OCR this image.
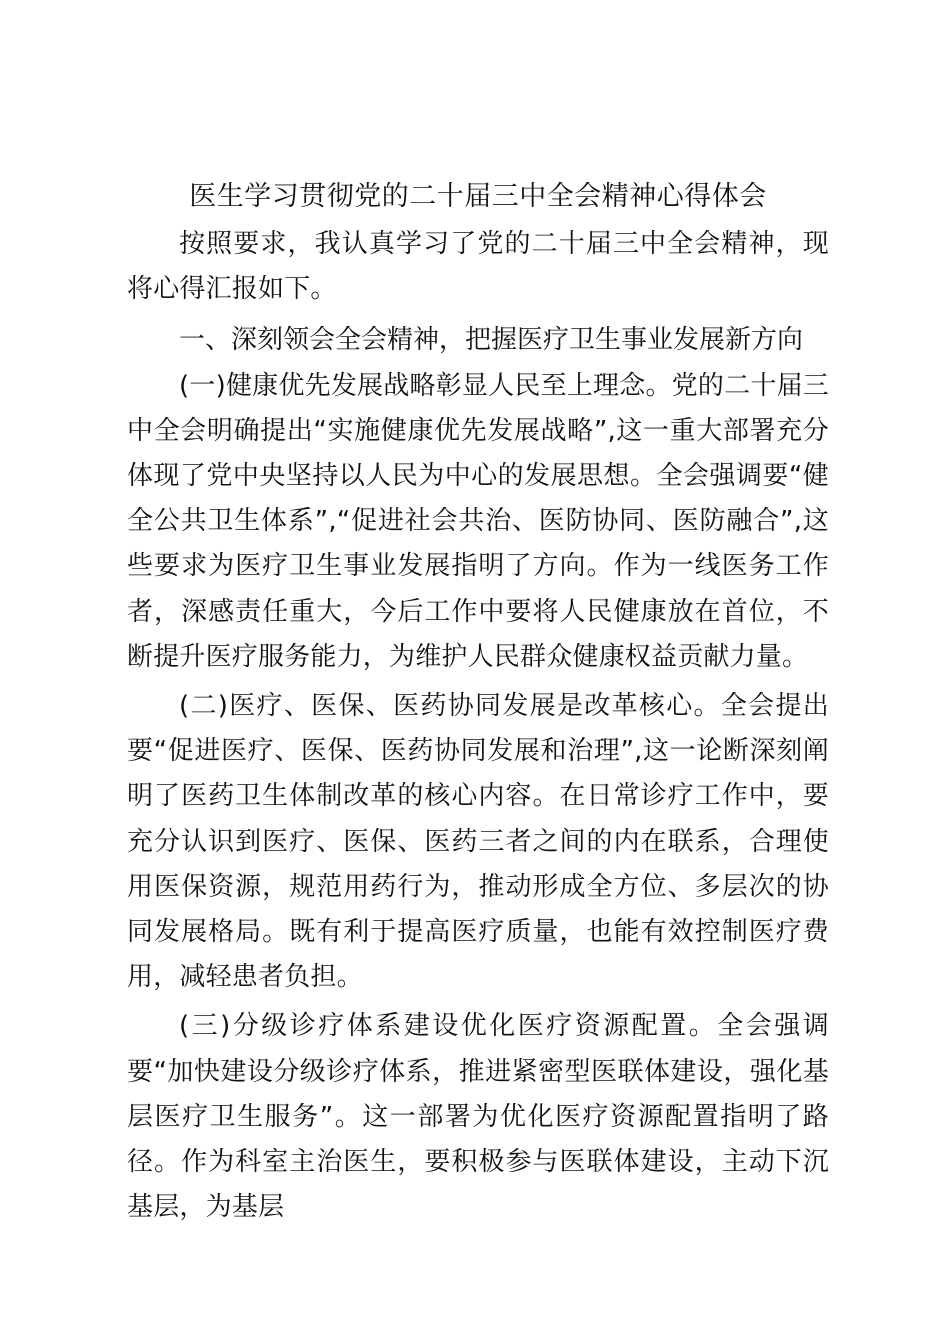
医生学习贯彻党的二十届三中全会精神心得体会

按照要求，我认真学习了党的二十届三中全会精神，现将心得汇报如下。

一、深刻领会全会精神，把握医疗卫生事业发展新方向

(一)健康优先发展战略彰显人民至上理念。党的二十届三中全会明确提出“实施健康优先发展战略”,这一重大部署充分体现了党中央坚持以人民为中心的发展思想。全会强调要“健全公共卫生体系”,“促进社会共治、医防协同、医防融合”,这些要求为医疗卫生事业发展指明了方向。作为一线医务工作者，深感责任重大，今后工作中要将人民健康放在首位，不断提升医疗服务能力，为维护人民群众健康权益贡献力量。

(二)医疗、医保、医药协同发展是改革核心。全会提出要“促进医疗、医保、医药协同发展和治理”,这一论断深刻阐明了医药卫生体制改革的核心内容。在日常诊疗工作中，要充分认识到医疗、医保、医药三者之间的内在联系，合理使用医保资源，规范用药行为，推动形成全方位、多层次的协同发展格局。既有利于提高医疗质量，也能有效控制医疗费用，减轻患者负担。

(三)分级诊疗体系建设优化医疗资源配置。全会强调要“加快建设分级诊疗体系，推进紧密型医联体建设，强化基层医疗卫生服务”。这一部署为优化医疗资源配置指明了路径。作为科室主治医生，要积极参与医联体建设，主动下沉基层，为基层
